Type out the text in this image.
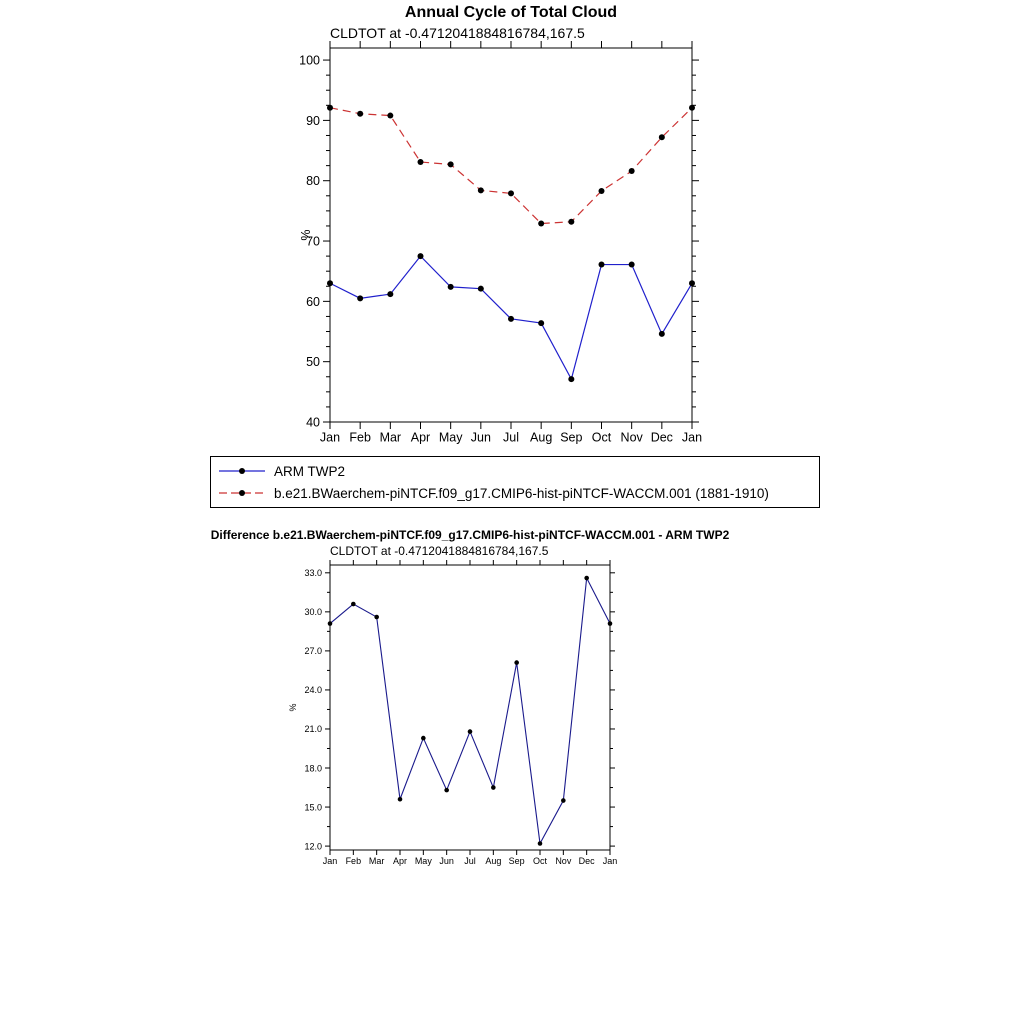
Annual Cycle of Total Cloud
CLDTOT at -0.4712041884816784,167.5
40
50
60
70
80
90
100
Jan Feb Mar Apr May Jun Jul Aug Sep Oct Nov Dec Jan
%
ARM TWP2
b.e21.BWaerchem-piNTCF.f09_g17.CMIP6-hist-piNTCF-WACCM.001 (1881-1910)
Difference b.e21.BWaerchem-piNTCF.f09_g17.CMIP6-hist-piNTCF-WACCM.001 - ARM TWP2
CLDTOT at -0.4712041884816784,167.5
12.0
15.0
18.0
21.0
24.0
27.0
30.0
33.0
Jan Feb Mar Apr May Jun Jul Aug Sep Oct Nov Dec Jan
%
